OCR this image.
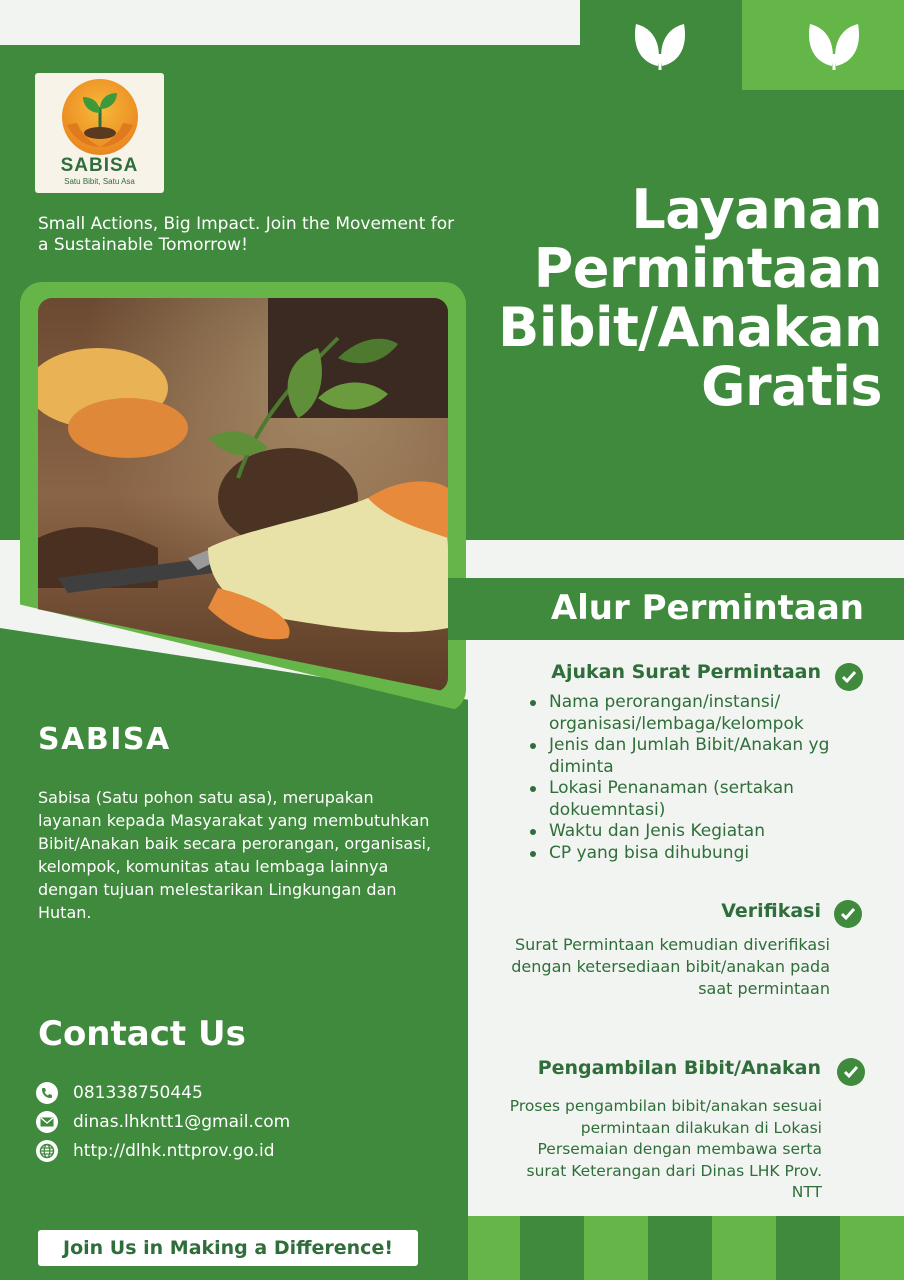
SABISA
Satu Bibit, Satu Asa
Small Actions, Big Impact. Join the Movement for a Sustainable Tomorrow!
Layanan
Permintaan
Bibit/Anakan
Gratis
Alur Permintaan
Ajukan Surat Permintaan
Nama perorangan/instansi/ organisasi/lembaga/kelompok
Jenis dan Jumlah Bibit/Anakan yg diminta
Lokasi Penanaman (sertakan dokuemntasi)
Waktu dan Jenis Kegiatan
CP yang bisa dihubungi
Verifikasi
Surat Permintaan kemudian diverifikasi dengan ketersediaan bibit/anakan pada saat permintaan
Pengambilan Bibit/Anakan
Proses pengambilan bibit/anakan sesuai permintaan dilakukan di Lokasi Persemaian dengan membawa serta surat Keterangan dari Dinas LHK Prov. NTT
SABISA
Sabisa (Satu pohon satu asa), merupakan layanan kepada Masyarakat yang membutuhkan Bibit/Anakan baik secara perorangan, organisasi, kelompok, komunitas atau lembaga lainnya dengan tujuan melestarikan Lingkungan dan Hutan.
Contact Us
081338750445
dinas.lhkntt1@gmail.com
http://dlhk.nttprov.go.id
Join Us in Making a Difference!
